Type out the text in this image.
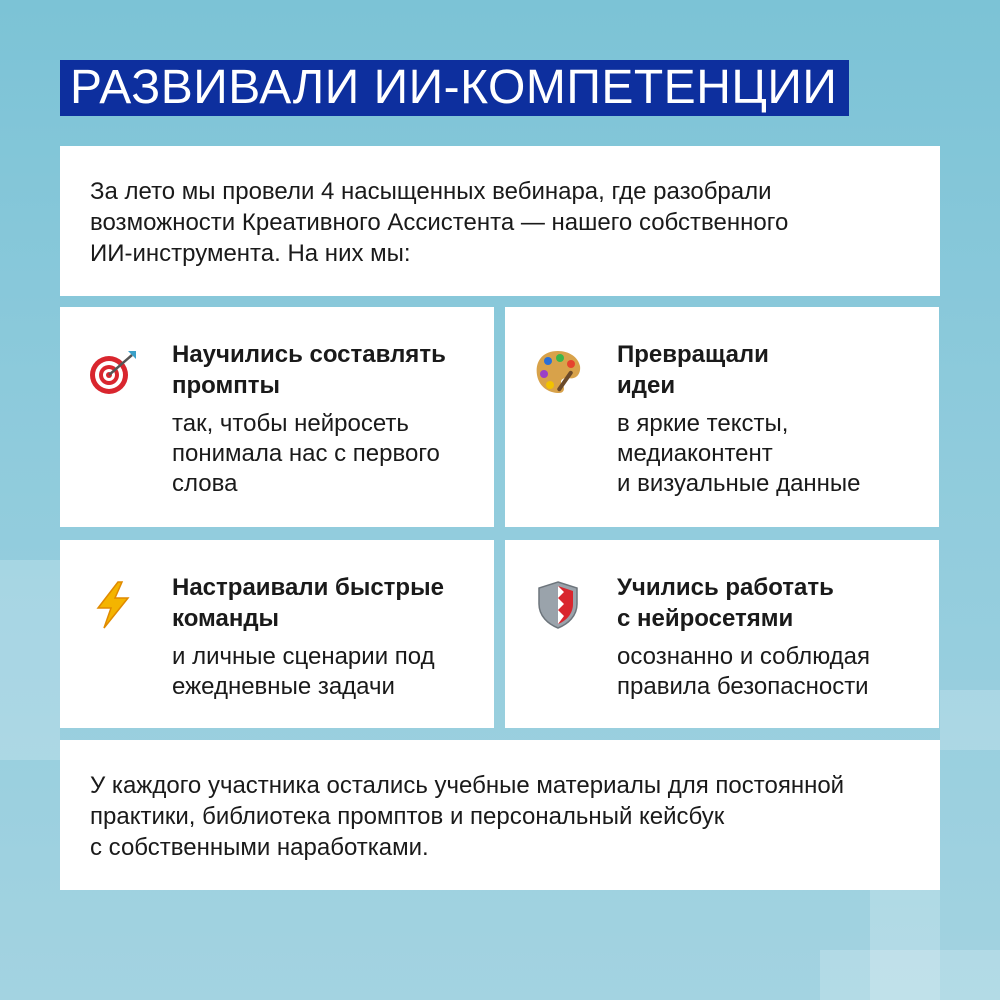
РАЗВИВАЛИ ИИ-КОМПЕТЕНЦИИ
За лето мы провели 4 насыщенных вебинара, где разобрали
возможности Креативного Ассистента — нашего собственного
ИИ-инструмента. На них мы:
Научились составлять
промпты
так, чтобы нейросеть
понимала нас с первого
слова
Превращали
идеи
в яркие тексты,
медиаконтент
и визуальные данные
Настраивали быстрые
команды
и личные сценарии под
ежедневные задачи
Учились работать
с нейросетями
осознанно и соблюдая
правила безопасности
У каждого участника остались учебные материалы для постоянной
практики, библиотека промптов и персональный кейсбук
с собственными наработками.
